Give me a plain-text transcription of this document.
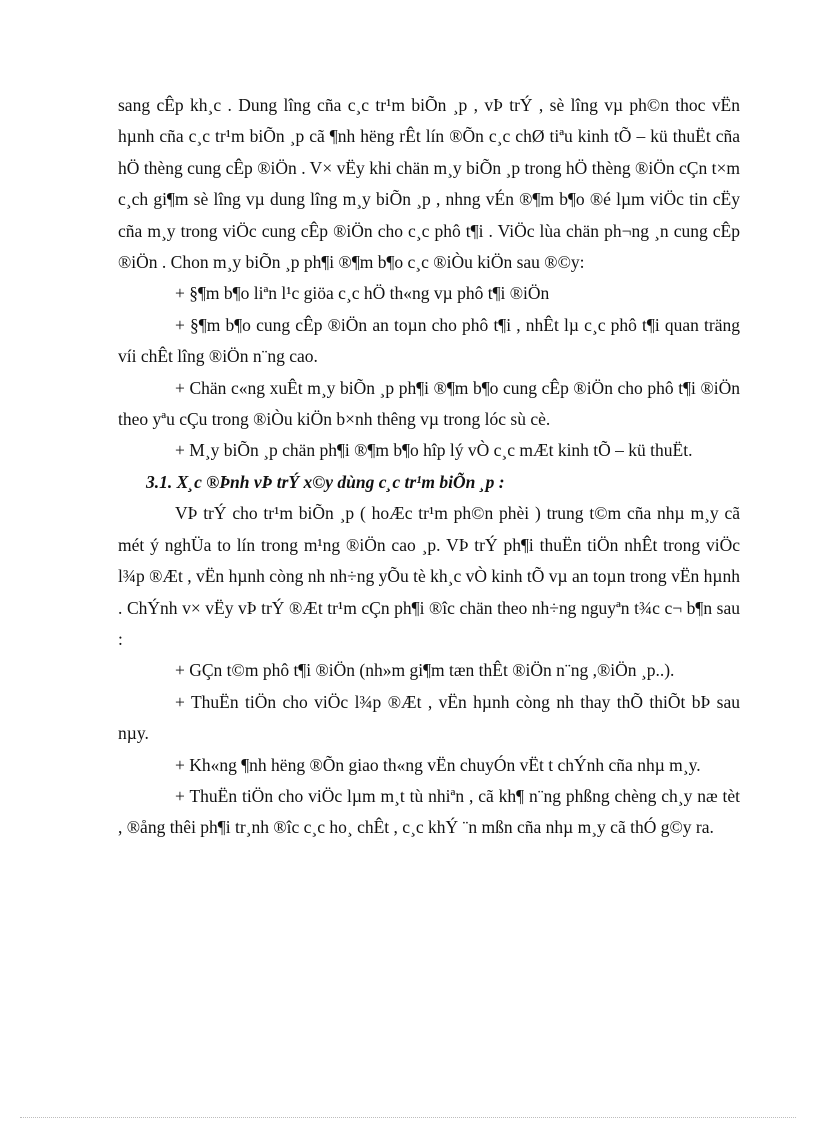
sang cÊp kh¸c . Dung lîng cña c¸c tr¹m biÕn ¸p , vÞ trÝ , sè lîng vµ ph©n thoc vËn hµnh cña c¸c tr¹m biÕn ¸p cã ¶nh hëng rÊt lín ®Õn c¸c chØ tiªu kinh tÕ – kü thuËt cña hÖ thèng cung cÊp ®iÖn . V× vËy khi chän m¸y biÕn ¸p trong hÖ thèng ®iÖn cÇn t×m c¸ch gi¶m sè lîng vµ dung lîng m¸y biÕn ¸p , nhng vÉn ®¶m b¶o ®é lµm viÖc tin cËy cña m¸y trong viÖc cung cÊp ®iÖn cho c¸c phô t¶i . ViÖc lùa chän ph¬ng ¸n cung cÊp ®iÖn . Chon m¸y biÕn ¸p ph¶i ®¶m b¶o c¸c ®iÒu kiÖn sau ®©y:

+ §¶m b¶o liªn l¹c giöa c¸c hÖ th«ng vµ phô t¶i ®iÖn

+ §¶m b¶o cung cÊp ®iÖn an toµn cho phô t¶i , nhÊt lµ c¸c phô t¶i quan träng víi chÊt lîng ®iÖn n¨ng cao.

+ Chän c«ng xuÊt m¸y biÕn ¸p ph¶i ®¶m b¶o cung cÊp ®iÖn cho phô t¶i ®iÖn theo yªu cÇu trong ®iÒu kiÖn b×nh thêng vµ trong lóc sù cè.

+ M¸y biÕn ¸p chän ph¶i ®¶m b¶o hîp lý vÒ c¸c mÆt kinh tÕ – kü thuËt.

3.1. X¸c ®Þnh vÞ trÝ x©y dùng c¸c tr¹m biÕn ¸p :

VÞ trÝ cho tr¹m biÕn ¸p ( hoÆc tr¹m ph©n phèi ) trung t©m cña nhµ m¸y cã mét ý nghÜa to lín trong m¹ng ®iÖn cao ¸p. VÞ trÝ ph¶i thuËn tiÖn nhÊt trong viÖc l¾p ®Æt , vËn hµnh còng nh nh÷ng yÕu tè kh¸c vÒ kinh tÕ vµ an toµn trong vËn hµnh . ChÝnh v× vËy vÞ trÝ ®Æt tr¹m cÇn ph¶i ®îc chän theo nh÷ng nguyªn t¾c c¬ b¶n sau :

+ GÇn t©m phô t¶i ®iÖn (nh»m gi¶m tæn thÊt ®iÖn n¨ng ,®iÖn ¸p..).

+ ThuËn tiÖn cho viÖc l¾p ®Æt , vËn hµnh còng nh thay thÕ thiÕt bÞ sau nµy.

+ Kh«ng ¶nh hëng ®Õn giao th«ng vËn chuyÓn vËt t chÝnh cña nhµ m¸y.

+ ThuËn tiÖn cho viÖc lµm m¸t tù nhiªn , cã kh¶ n¨ng phßng chèng ch¸y næ tèt , ®ång thêi ph¶i tr¸nh ®îc c¸c ho¸ chÊt , c¸c khÝ ¨n mßn cña nhµ m¸y cã thÓ g©y ra.
